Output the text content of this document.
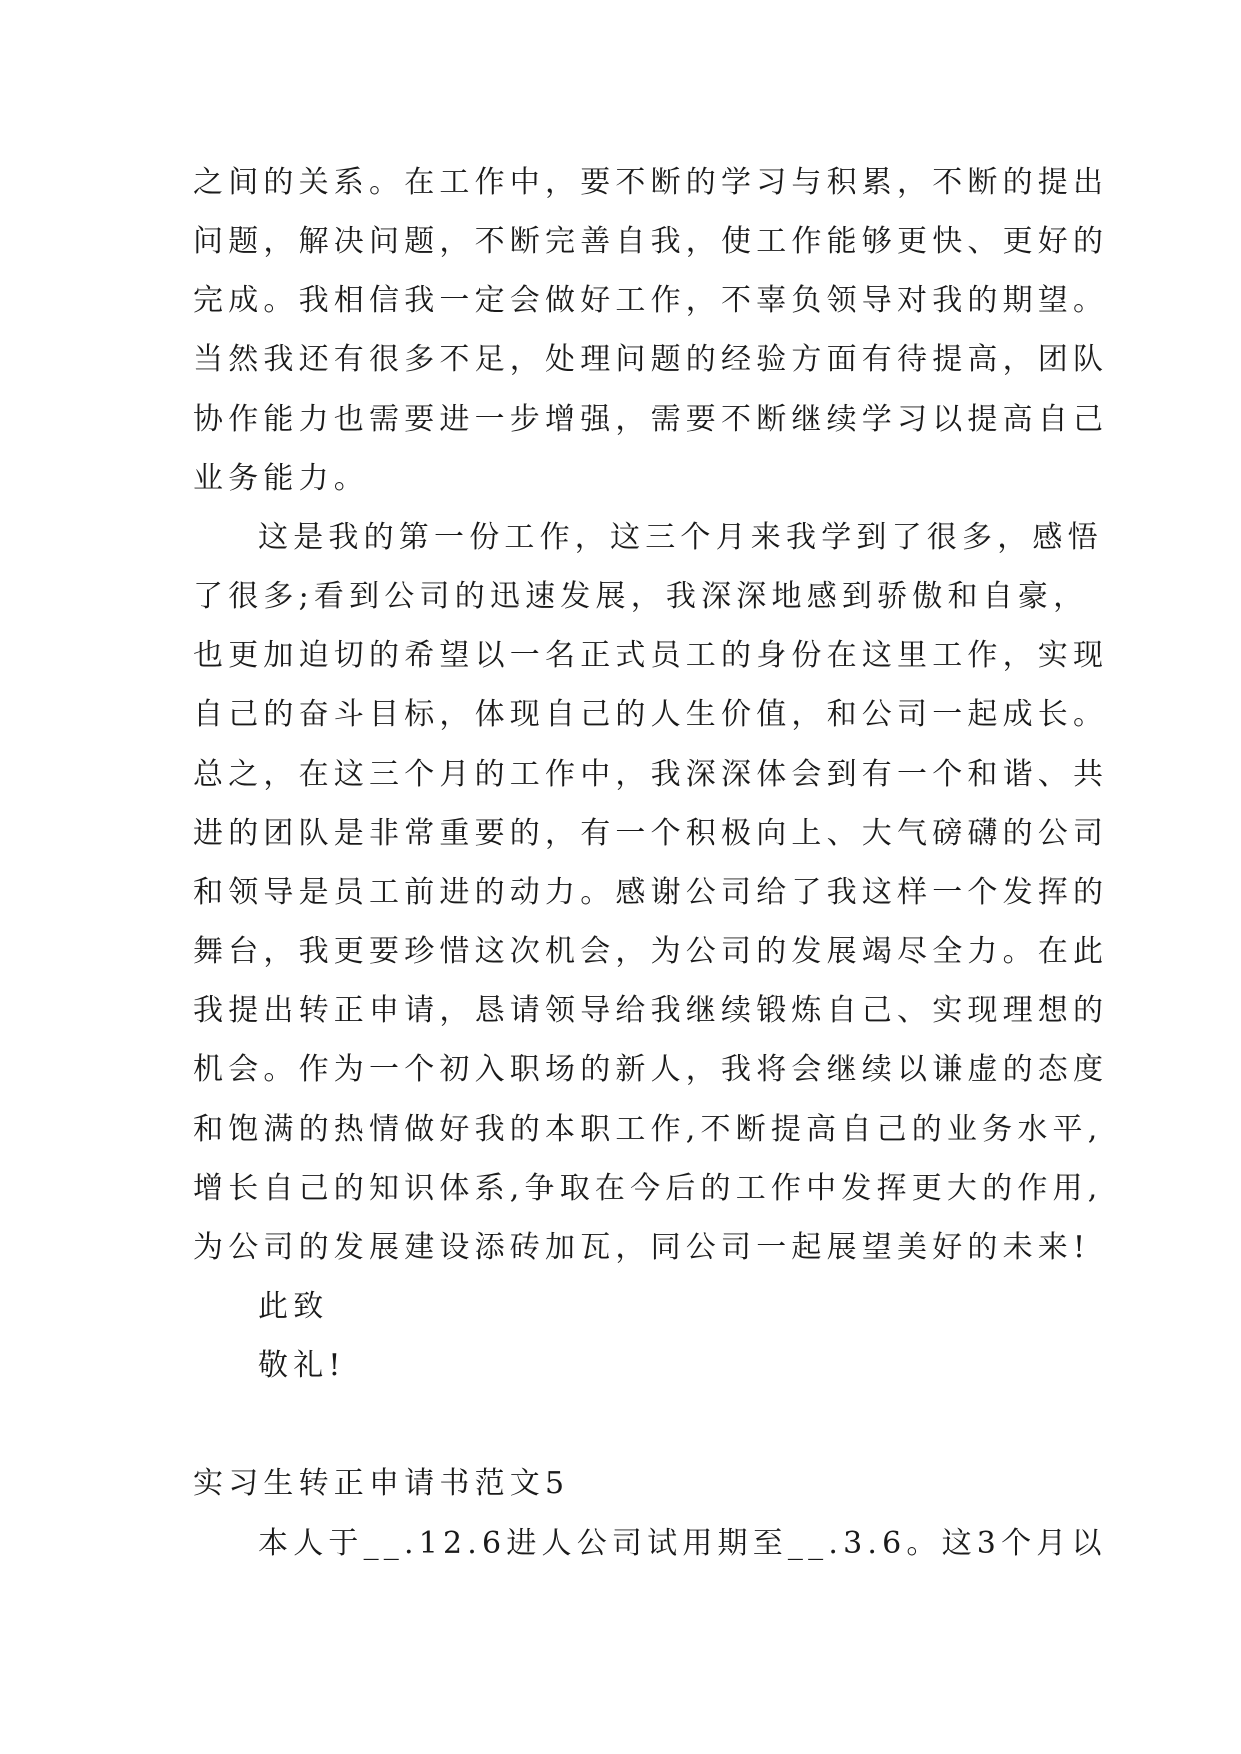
之间的关系。在工作中，要不断的学习与积累，不断的提出
问题，解决问题，不断完善自我，使工作能够更快、更好的
完成。我相信我一定会做好工作，不辜负领导对我的期望。
当然我还有很多不足，处理问题的经验方面有待提高，团队
协作能力也需要进一步增强，需要不断继续学习以提高自己
业务能力。
这是我的第一份工作，这三个月来我学到了很多，感悟
了很多;看到公司的迅速发展，我深深地感到骄傲和自豪，
也更加迫切的希望以一名正式员工的身份在这里工作，实现
自己的奋斗目标，体现自己的人生价值，和公司一起成长。
总之，在这三个月的工作中，我深深体会到有一个和谐、共
进的团队是非常重要的，有一个积极向上、大气磅礴的公司
和领导是员工前进的动力。感谢公司给了我这样一个发挥的
舞台，我更要珍惜这次机会，为公司的发展竭尽全力。在此
我提出转正申请，恳请领导给我继续锻炼自己、实现理想的
机会。作为一个初入职场的新人，我将会继续以谦虚的态度
和饱满的热情做好我的本职工作,不断提高自己的业务水平,
增长自己的知识体系,争取在今后的工作中发挥更大的作用,
为公司的发展建设添砖加瓦，同公司一起展望美好的未来!
此致
敬礼!
实习生转正申请书范文5
本人于__.12.6进人公司试用期至__.3.6。这3个月以
